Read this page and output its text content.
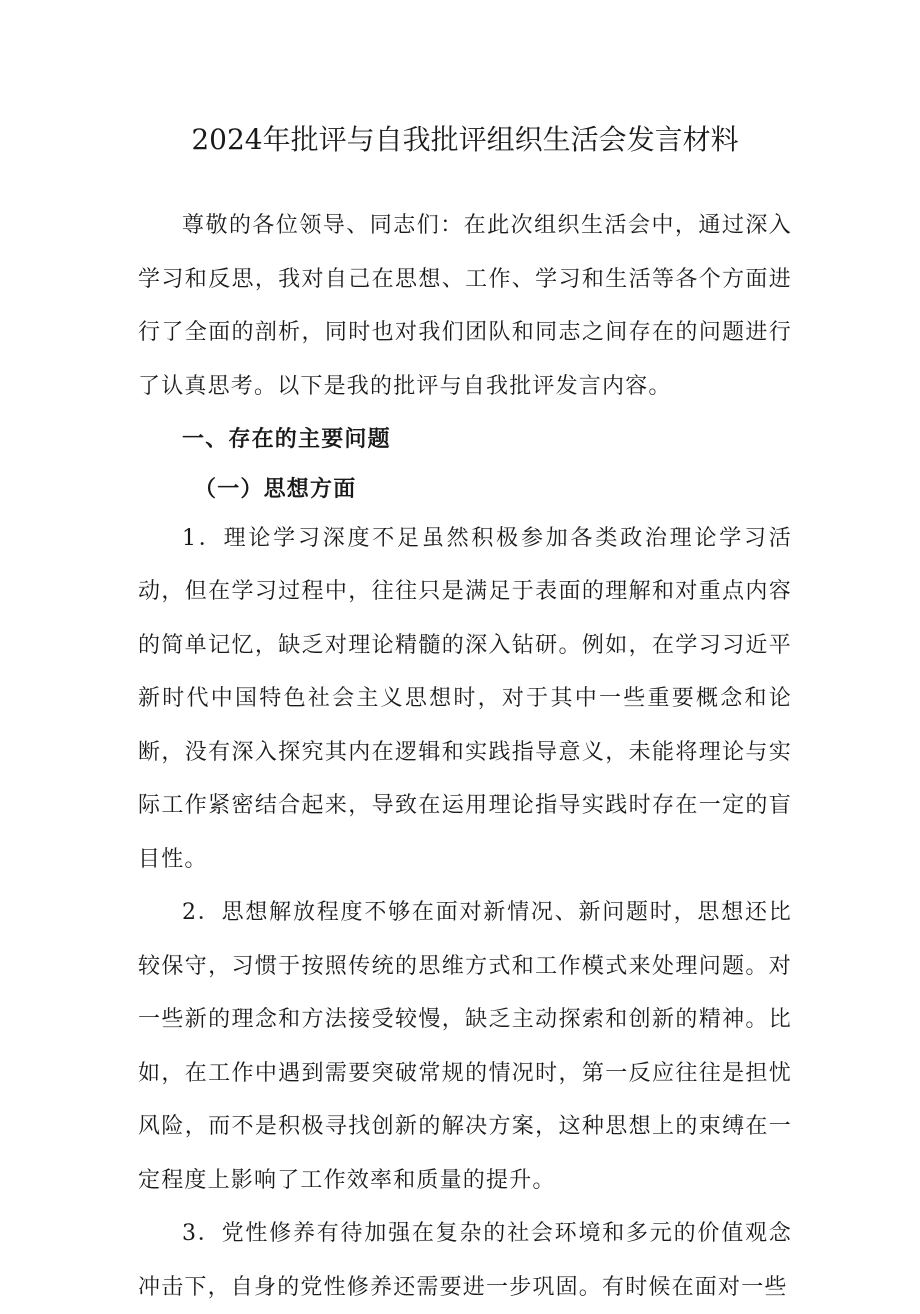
2024年批评与自我批评组织生活会发言材料

尊敬的各位领导、同志们：在此次组织生活会中，通过深入学习和反思，我对自己在思想、工作、学习和生活等各个方面进行了全面的剖析，同时也对我们团队和同志之间存在的问题进行了认真思考。以下是我的批评与自我批评发言内容。

一、存在的主要问题

（一）思想方面

1．理论学习深度不足虽然积极参加各类政治理论学习活动，但在学习过程中，往往只是满足于表面的理解和对重点内容的简单记忆，缺乏对理论精髓的深入钻研。例如，在学习习近平新时代中国特色社会主义思想时，对于其中一些重要概念和论断，没有深入探究其内在逻辑和实践指导意义，未能将理论与实际工作紧密结合起来，导致在运用理论指导实践时存在一定的盲目性。

2．思想解放程度不够在面对新情况、新问题时，思想还比较保守，习惯于按照传统的思维方式和工作模式来处理问题。对一些新的理念和方法接受较慢，缺乏主动探索和创新的精神。比如，在工作中遇到需要突破常规的情况时，第一反应往往是担忧风险，而不是积极寻找创新的解决方案，这种思想上的束缚在一定程度上影响了工作效率和质量的提升。

3．党性修养有待加强在复杂的社会环境和多元的价值观念冲击下，自身的党性修养还需要进一步巩固。有时候在面对一些
